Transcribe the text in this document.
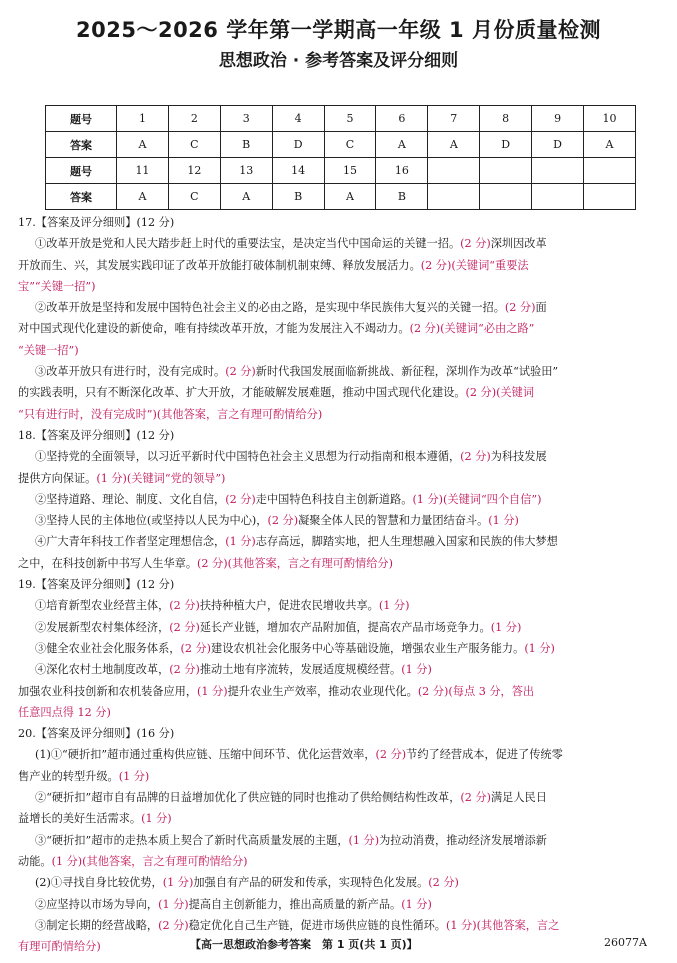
2025～2026 学年第一学期高一年级 1 月份质量检测
思想政治 · 参考答案及评分细则
题号	1	2	3	4	5	6	7	8	9	10
答案	A	C	B	D	C	A	A	D	D	A
题号	11	12	13	14	15	16				
答案	A	C	A	B	A	B				

17.【答案及评分细则】(12 分)

①改革开放是党和人民大踏步赶上时代的重要法宝，是决定当代中国命运的关键一招。(2 分)深圳因改革

开放而生、兴，其发展实践印证了改革开放能打破体制机制束缚、释放发展活力。(2 分)(关键词“重要法

宝”“关键一招”)

②改革开放是坚持和发展中国特色社会主义的必由之路，是实现中华民族伟大复兴的关键一招。(2 分)面

对中国式现代化建设的新使命，唯有持续改革开放，才能为发展注入不竭动力。(2 分)(关键词“必由之路”

“关键一招”)

③改革开放只有进行时，没有完成时。(2 分)新时代我国发展面临新挑战、新征程，深圳作为改革“试验田”

的实践表明，只有不断深化改革、扩大开放，才能破解发展难题，推动中国式现代化建设。(2 分)(关键词

“只有进行时，没有完成时”)(其他答案，言之有理可酌情给分)

18.【答案及评分细则】(12 分)

①坚持党的全面领导，以习近平新时代中国特色社会主义思想为行动指南和根本遵循，(2 分)为科技发展

提供方向保证。(1 分)(关键词“党的领导”)

②坚持道路、理论、制度、文化自信，(2 分)走中国特色科技自主创新道路。(1 分)(关键词“四个自信”)

③坚持人民的主体地位(或坚持以人民为中心)，(2 分)凝聚全体人民的智慧和力量团结奋斗。(1 分)

④广大青年科技工作者坚定理想信念，(1 分)志存高远，脚踏实地，把人生理想融入国家和民族的伟大梦想

之中，在科技创新中书写人生华章。(2 分)(其他答案，言之有理可酌情给分)

19.【答案及评分细则】(12 分)

①培育新型农业经营主体，(2 分)扶持种植大户，促进农民增收共享。(1 分)

②发展新型农村集体经济，(2 分)延长产业链，增加农产品附加值，提高农产品市场竞争力。(1 分)

③健全农业社会化服务体系，(2 分)建设农机社会化服务中心等基础设施，增强农业生产服务能力。(1 分)

④深化农村土地制度改革，(2 分)推动土地有序流转，发展适度规模经营。(1 分)

加强农业科技创新和农机装备应用，(1 分)提升农业生产效率，推动农业现代化。(2 分)(每点 3 分，答出

任意四点得 12 分)

20.【答案及评分细则】(16 分)

(1)①“硬折扣”超市通过重构供应链、压缩中间环节、优化运营效率，(2 分)节约了经营成本，促进了传统零

售产业的转型升级。(1 分)

②“硬折扣”超市自有品牌的日益增加优化了供应链的同时也推动了供给侧结构性改革，(2 分)满足人民日

益增长的美好生活需求。(1 分)

③“硬折扣”超市的走热本质上契合了新时代高质量发展的主题，(1 分)为拉动消费，推动经济发展增添新

动能。(1 分)(其他答案，言之有理可酌情给分)

(2)①寻找自身比较优势，(1 分)加强自有产品的研发和传承，实现特色化发展。(2 分)

②应坚持以市场为导向，(1 分)提高自主创新能力，推出高质量的新产品。(1 分)

③制定长期的经营战略，(2 分)稳定优化自己生产链，促进市场供应链的良性循环。(1 分)(其他答案，言之

有理可酌情给分)	【高一思想政治参考答案　第 1 页(共 1 页)】	26077A
